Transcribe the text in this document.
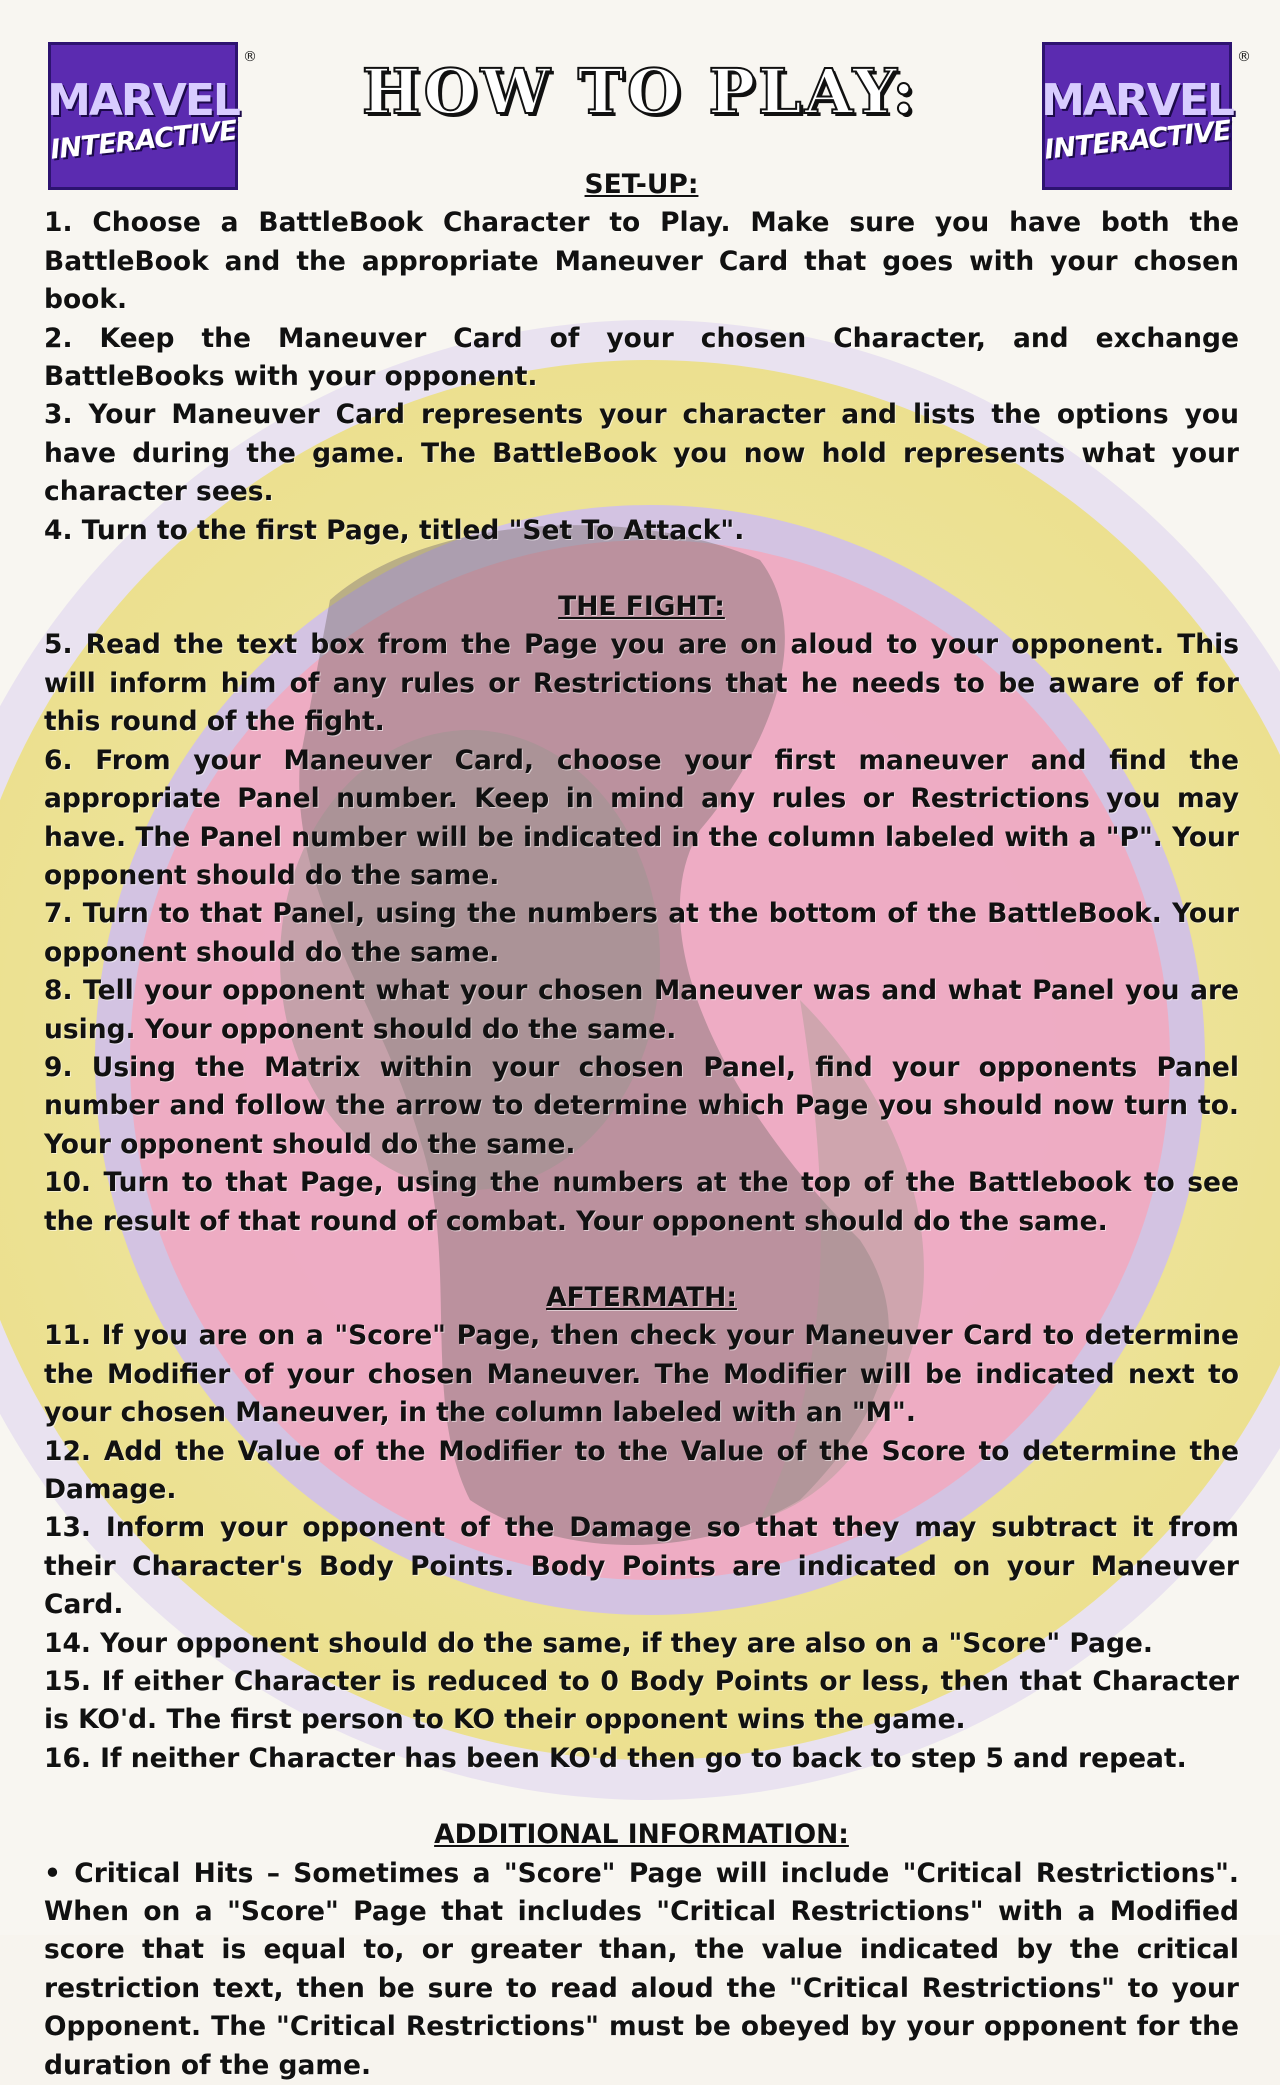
MARVEL
INTERACTIVE
®	HOW TO PLAY:	MARVEL
INTERACTIVE
®
SET-UP:

1. Choose a BattleBook Character to Play. Make sure you have both the BattleBook and the appropriate Maneuver Card that goes with your chosen book.

2. Keep the Maneuver Card of your chosen Character, and exchange BattleBooks with your opponent.

3. Your Maneuver Card represents your character and lists the options you have during the game. The BattleBook you now hold represents what your character sees.

4. Turn to the first Page, titled "Set To Attack".

THE FIGHT:

5. Read the text box from the Page you are on aloud to your opponent. This will inform him of any rules or Restrictions that he needs to be aware of for this round of the fight.

6. From your Maneuver Card, choose your first maneuver and find the appropriate Panel number. Keep in mind any rules or Restrictions you may have. The Panel number will be indicated in the column labeled with a "P". Your opponent should do the same.

7. Turn to that Panel, using the numbers at the bottom of the BattleBook. Your opponent should do the same.

8. Tell your opponent what your chosen Maneuver was and what Panel you are using. Your opponent should do the same.

9. Using the Matrix within your chosen Panel, find your opponents Panel number and follow the arrow to determine which Page you should now turn to. Your opponent should do the same.

10. Turn to that Page, using the numbers at the top of the Battlebook to see the result of that round of combat. Your opponent should do the same.

AFTERMATH:

11. If you are on a "Score" Page, then check your Maneuver Card to determine the Modifier of your chosen Maneuver. The Modifier will be indicated next to your chosen Maneuver, in the column labeled with an "M".

12. Add the Value of the Modifier to the Value of the Score to determine the Damage.

13. Inform your opponent of the Damage so that they may subtract it from their Character's Body Points. Body Points are indicated on your Maneuver Card.

14. Your opponent should do the same, if they are also on a "Score" Page.

15. If either Character is reduced to 0 Body Points or less, then that Character is KO'd. The first person to KO their opponent wins the game.

16. If neither Character has been KO'd then go to back to step 5 and repeat.

ADDITIONAL INFORMATION:

• Critical Hits – Sometimes a "Score" Page will include "Critical Restrictions". When on a "Score" Page that includes "Critical Restrictions" with a Modified score that is equal to, or greater than, the value indicated by the critical restriction text, then be sure to read aloud the "Critical Restrictions" to your Opponent. The "Critical Restrictions" must be obeyed by your opponent for the duration of the game.
